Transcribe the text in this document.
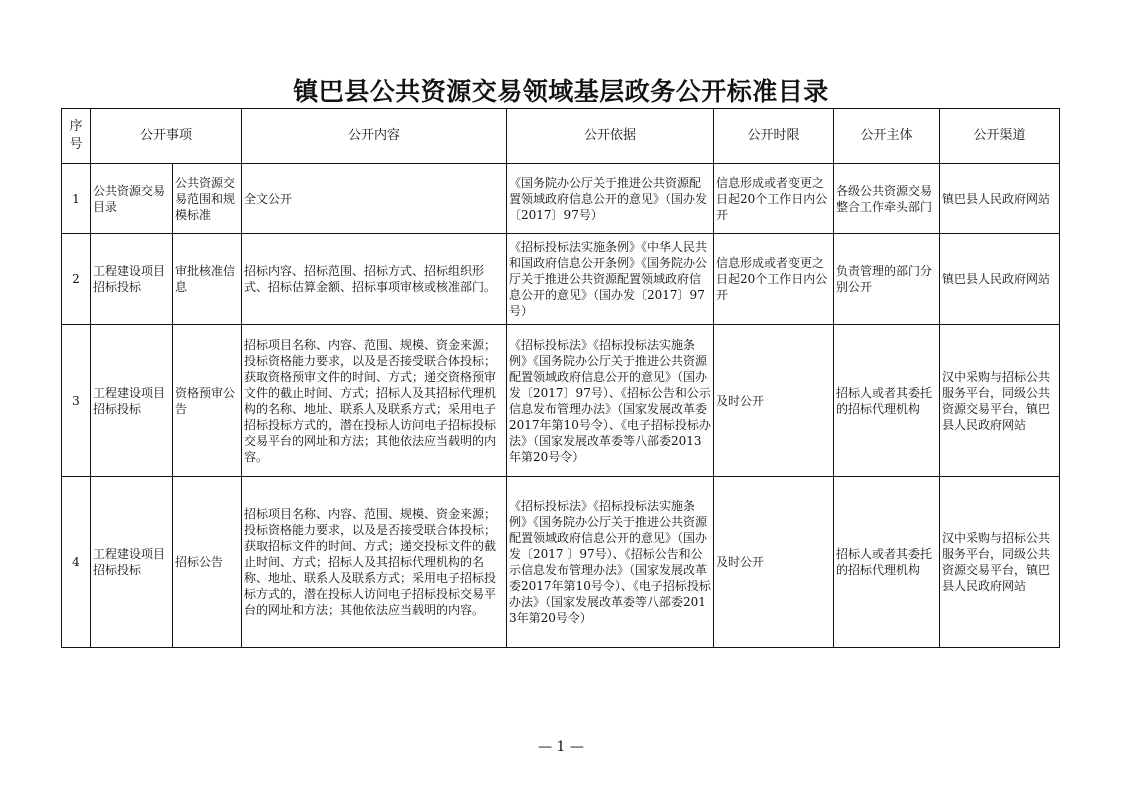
镇巴县公共资源交易领域基层政务公开标准目录
序号	公开事项		公开内容	公开依据	公开时限	公开主体	公开渠道
1	公共资源交易目录	公共资源交易范围和规模标准	全文公开	《国务院办公厅关于推进公共资源配置领域政府信息公开的意见》（国办发〔2017〕97号）	信息形成或者变更之日起20个工作日内公开	各级公共资源交易整合工作牵头部门	镇巴县人民政府网站
2	工程建设项目招标投标	审批核准信息	招标内容、招标范围、招标方式、招标组织形式、招标估算金额、招标事项审核或核准部门。	《招标投标法实施条例》《中华人民共和国政府信息公开条例》《国务院办公厅关于推进公共资源配置领域政府信息公开的意见》（国办发〔2017〕97号）	信息形成或者变更之日起20个工作日内公开	负责管理的部门分别公开	镇巴县人民政府网站
3	工程建设项目招标投标	资格预审公告	招标项目名称、内容、范围、规模、资金来源；投标资格能力要求，以及是否接受联合体投标；获取资格预审文件的时间、方式；递交资格预审文件的截止时间、方式；招标人及其招标代理机构的名称、地址、联系人及联系方式；采用电子招标投标方式的，潜在投标人访问电子招标投标交易平台的网址和方法；其他依法应当载明的内容。	《招标投标法》《招标投标法实施条例》《国务院办公厅关于推进公共资源配置领域政府信息公开的意见》（国办发〔2017〕97号）、《招标公告和公示信息发布管理办法》（国家发展改革委2017年第10号令）、《电子招标投标办法》（国家发展改革委等八部委2013年第20号令）	及时公开	招标人或者其委托的招标代理机构	汉中采购与招标公共服务平台，同级公共资源交易平台，镇巴县人民政府网站
4	工程建设项目招标投标	招标公告	招标项目名称、内容、范围、规模、资金来源；投标资格能力要求，以及是否接受联合体投标；获取招标文件的时间、方式；递交投标文件的截止时间、方式；招标人及其招标代理机构的名称、地址、联系人及联系方式；采用电子招标投标方式的，潜在投标人访问电子招标投标交易平台的网址和方法；其他依法应当载明的内容。	《招标投标法》《招标投标法实施条例》《国务院办公厅关于推进公共资源配置领域政府信息公开的意见》（国办发〔2017 〕97号）、《招标公告和公示信息发布管理办法》（国家发展改革委2017年第10号令）、《电子招标投标办法》（国家发展改革委等八部委2013年第20号令）	及时公开	招标人或者其委托的招标代理机构	汉中采购与招标公共服务平台，同级公共资源交易平台，镇巴县人民政府网站
— 1 —
